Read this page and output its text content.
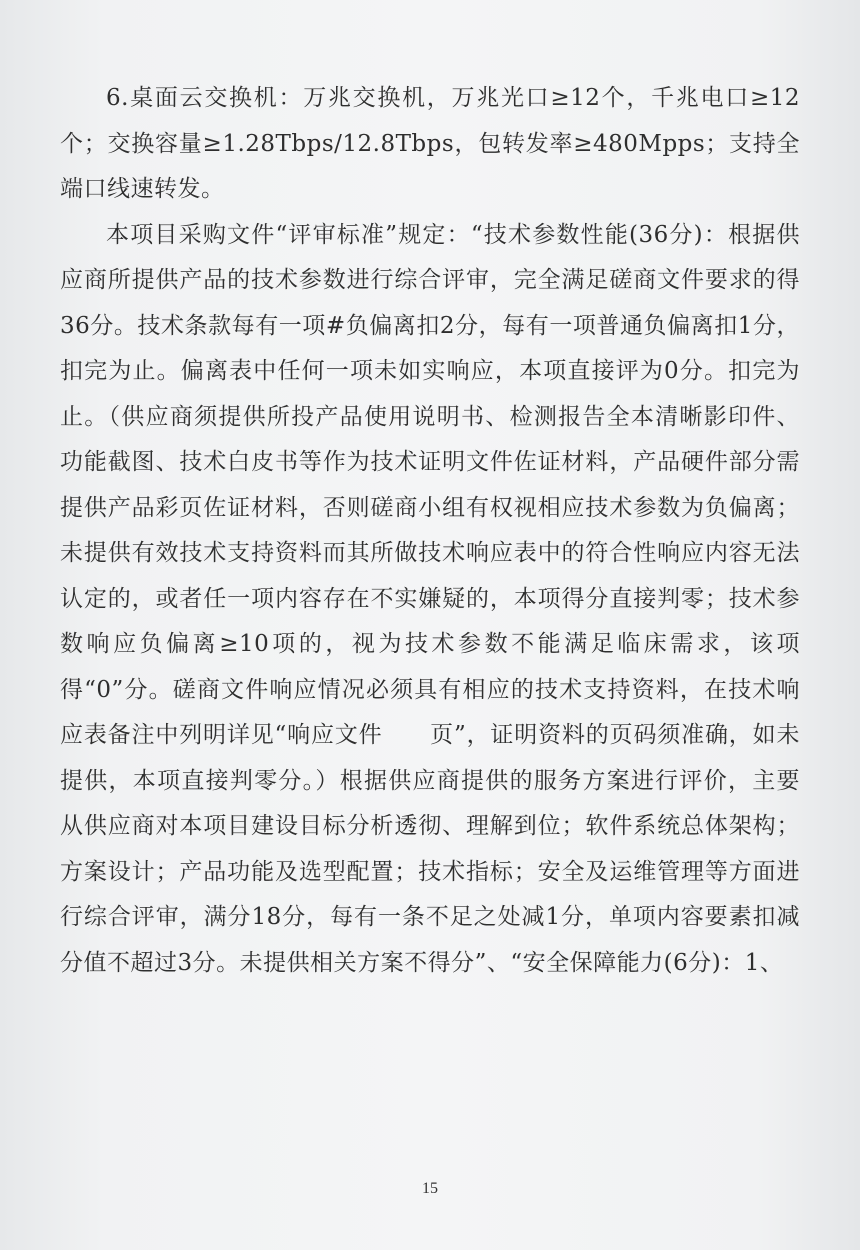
6.桌面云交换机：万兆交换机，万兆光口≥12个，千兆电口≥12个；交换容量≥1.28Tbps/12.8Tbps，包转发率≥480Mpps；支持全端口线速转发。

本项目采购文件“评审标准”规定：“技术参数性能(36分)：根据供应商所提供产品的技术参数进行综合评审，完全满足磋商文件要求的得36分。技术条款每有一项#负偏离扣2分，每有一项普通负偏离扣1分，扣完为止。偏离表中任何一项未如实响应，本项直接评为0分。扣完为止。（供应商须提供所投产品使用说明书、检测报告全本清晰影印件、功能截图、技术白皮书等作为技术证明文件佐证材料，产品硬件部分需提供产品彩页佐证材料，否则磋商小组有权视相应技术参数为负偏离；未提供有效技术支持资料而其所做技术响应表中的符合性响应内容无法认定的，或者任一项内容存在不实嫌疑的，本项得分直接判零；技术参数响应负偏离≥10项的，视为技术参数不能满足临床需求，该项得“0”分。磋商文件响应情况必须具有相应的技术支持资料，在技术响应表备注中列明详见“响应文件　　页”，证明资料的页码须准确，如未提供，本项直接判零分。）根据供应商提供的服务方案进行评价，主要从供应商对本项目建设目标分析透彻、理解到位；软件系统总体架构；方案设计；产品功能及选型配置；技术指标；安全及运维管理等方面进行综合评审，满分18分，每有一条不足之处减1分，单项内容要素扣减分值不超过3分。未提供相关方案不得分”、“安全保障能力(6分)：1、

15
